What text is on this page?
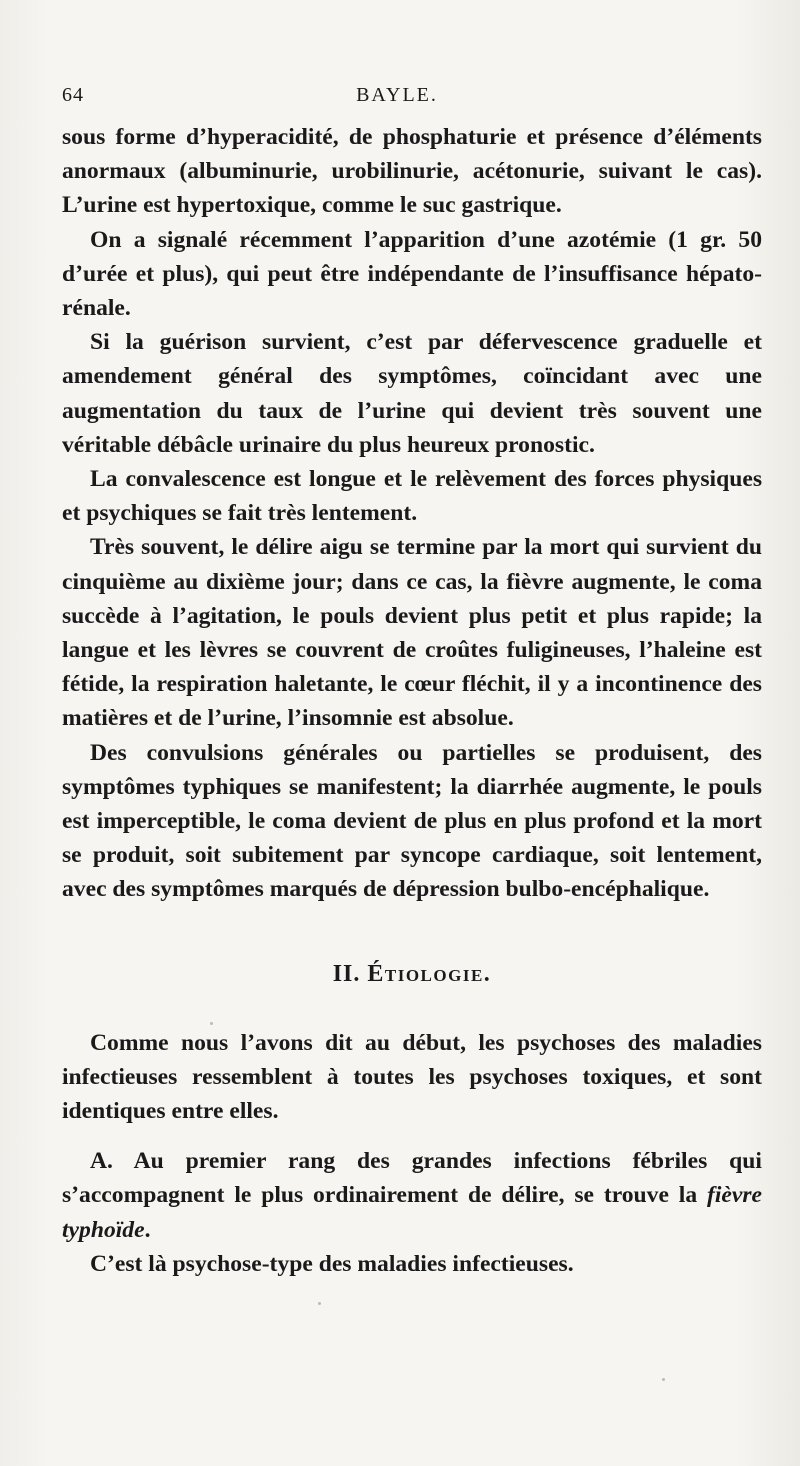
64	BAYLE.

sous forme d’hyperacidité, de phosphaturie et présence d’éléments anormaux (albuminurie, urobilinurie, acétonurie, suivant le cas). L’urine est hypertoxique, comme le suc gastrique.

On a signalé récemment l’apparition d’une azotémie (1 gr. 50 d’urée et plus), qui peut être indépendante de l’insuffisance hépato-rénale.

Si la guérison survient, c’est par défervescence graduelle et amendement général des symptômes, coïncidant avec une augmentation du taux de l’urine qui devient très souvent une véritable débâcle urinaire du plus heureux pronostic.

La convalescence est longue et le relèvement des forces physiques et psychiques se fait très lentement.

Très souvent, le délire aigu se termine par la mort qui survient du cinquième au dixième jour; dans ce cas, la fièvre augmente, le coma succède à l’agitation, le pouls devient plus petit et plus rapide; la langue et les lèvres se couvrent de croûtes fuligineuses, l’haleine est fétide, la respiration haletante, le cœur fléchit, il y a incontinence des matières et de l’urine, l’insomnie est absolue.

Des convulsions générales ou partielles se produisent, des symptômes typhiques se manifestent; la diarrhée augmente, le pouls est imperceptible, le coma devient de plus en plus profond et la mort se produit, soit subitement par syncope cardiaque, soit lentement, avec des symptômes marqués de dépression bulbo-encéphalique.

II. Étiologie.

Comme nous l’avons dit au début, les psychoses des maladies infectieuses ressemblent à toutes les psychoses toxiques, et sont identiques entre elles.

A. Au premier rang des grandes infections fébriles qui s’accompagnent le plus ordinairement de délire, se trouve la fièvre typhoïde.

C’est là psychose-type des maladies infectieuses.
